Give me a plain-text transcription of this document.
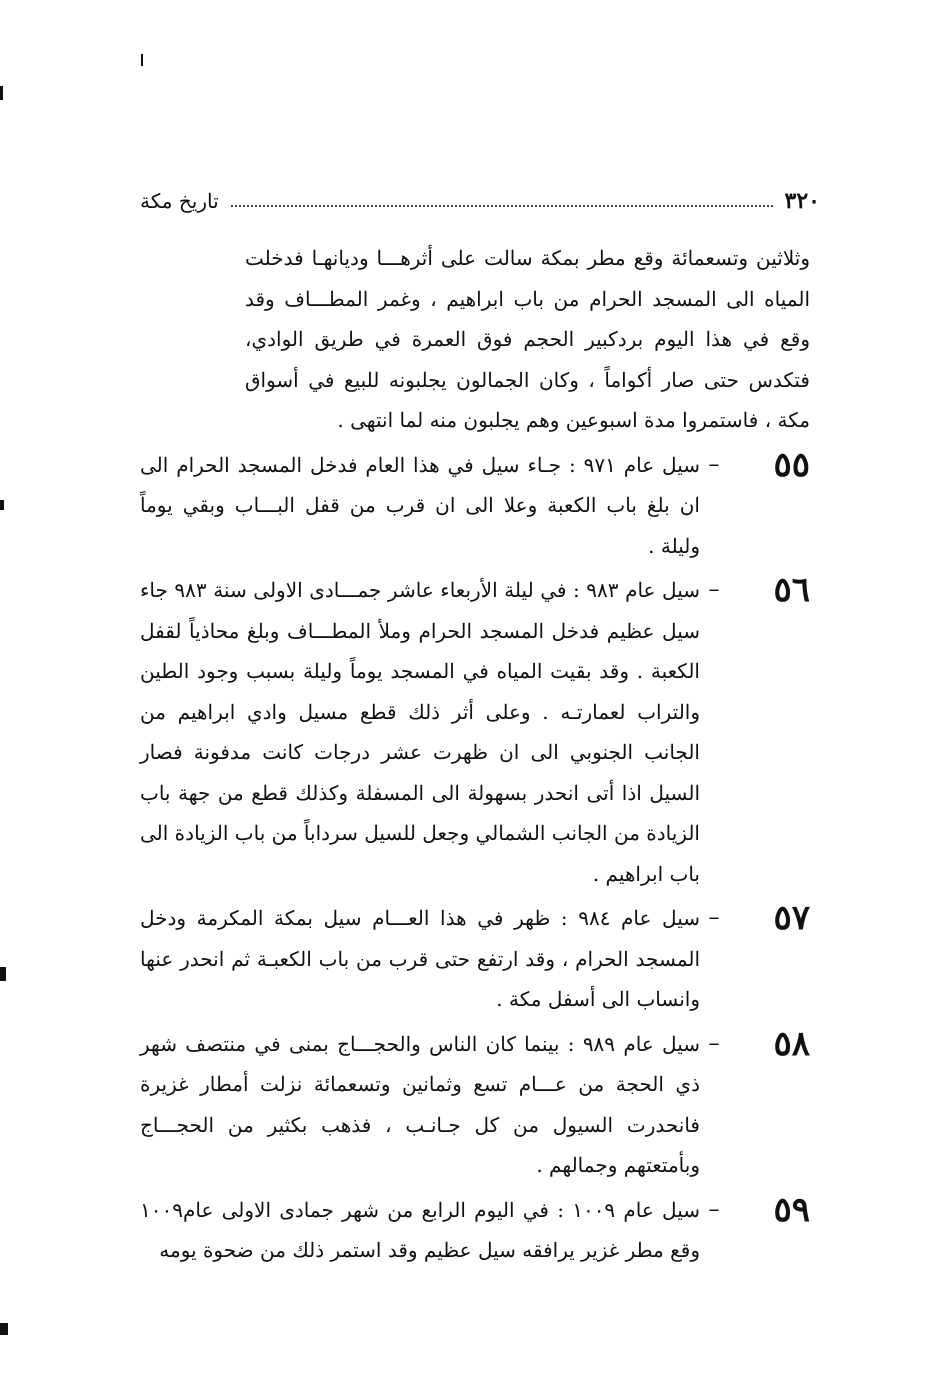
٣٢٠
تاريخ مكة

وثلاثين وتسعمائة وقع مطر بمكة سالت على أثرهـــا وديانهـا فدخلت المياه الى المسجد الحرام من باب ابراهيم ، وغمر المطـــاف وقد وقع في هذا اليوم بردكبير الحجم فوق العمرة في طريق الوادي، فتكدس حتى صار أكواماً ، وكان الجمالون يجلبونه للبيع في أسواق مكة ، فاستمروا مدة اسبوعين وهم يجلبون منه لما انتهى .

٥٥
–
سيل عام ٩٧١ : جـاء سيل في هذا العام فدخل المسجد الحرام الى ان بلغ باب الكعبة وعلا الى ان قرب من قفل البـــاب وبقي يوماً وليلة .
٥٦
–
سيل عام ٩٨٣ : في ليلة الأربعاء عاشر جمـــادى الاولى سنة ٩٨٣ جاء سيل عظيم فدخل المسجد الحرام وملأ المطـــاف وبلغ محاذياً لقفل الكعبة . وقد بقيت المياه في المسجد يوماً وليلة بسبب وجود الطين والتراب لعمارتـه . وعلى أثر ذلك قطع مسيل وادي ابراهيم من الجانب الجنوبي الى ان ظهرت عشر درجات كانت مدفونة فصار السيل اذا أتى انحدر بسهولة الى المسفلة وكذلك قطع من جهة باب الزيادة من الجانب الشمالي وجعل للسيل سرداباً من باب الزيادة الى باب ابراهيم .
٥٧
–
سيل عام ٩٨٤ : ظهر في هذا العـــام سيل بمكة المكرمة ودخل المسجد الحرام ، وقد ارتفع حتى قرب من باب الكعبـة ثم انحدر عنها وانساب الى أسفل مكة .
٥٨
–
سيل عام ٩٨٩ : بينما كان الناس والحجـــاج بمنى في منتصف شهر ذي الحجة من عـــام تسع وثمانين وتسعمائة نزلت أمطار غزيرة فانحدرت السيول من كل جـانـب ، فذهب بكثير من الحجـــاج وبأمتعتهم وجمالهم .
٥٩
–
سيل عام ١٠٠٩ : في اليوم الرابع من شهر جمادى الاولى عام١٠٠٩ وقع مطر غزير يرافقه سيل عظيم وقد استمر ذلك من ضحوة يومه
